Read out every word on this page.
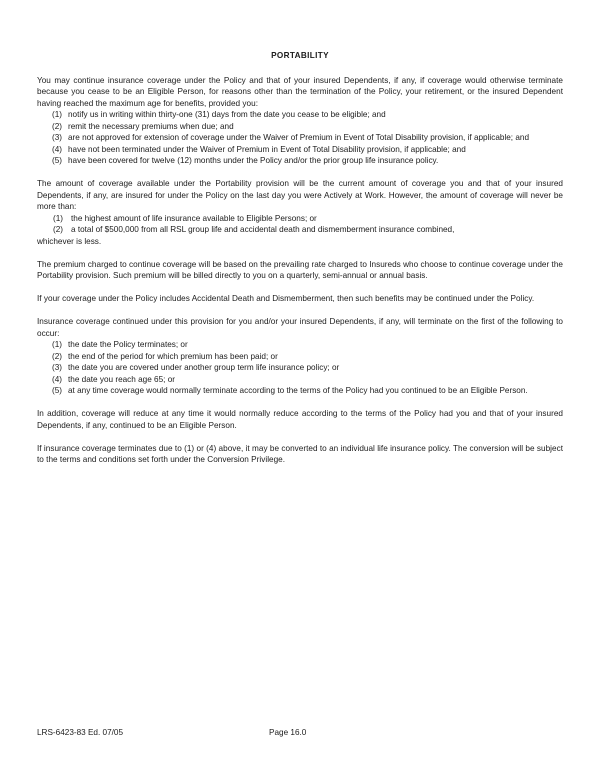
PORTABILITY

You may continue insurance coverage under the Policy and that of your insured Dependents, if any, if coverage would otherwise terminate because you cease to be an Eligible Person, for reasons other than the termination of the Policy, your retirement, or the insured Dependent having reached the maximum age for benefits, provided you:

(1) notify us in writing within thirty-one (31) days from the date you cease to be eligible; and
(2) remit the necessary premiums when due; and
(3) are not approved for extension of coverage under the Waiver of Premium in Event of Total Disability provision, if applicable; and
(4) have not been terminated under the Waiver of Premium in Event of Total Disability provision, if applicable; and
(5) have been covered for twelve (12) months under the Policy and/or the prior group life insurance policy.

The amount of coverage available under the Portability provision will be the current amount of coverage you and that of your insured Dependents, if any, are insured for under the Policy on the last day you were Actively at Work. However, the amount of coverage will never be more than:

(1) the highest amount of life insurance available to Eligible Persons; or
(2) a total of $500,000 from all RSL group life and accidental death and dismemberment insurance combined,

whichever is less.

The premium charged to continue coverage will be based on the prevailing rate charged to Insureds who choose to continue coverage under the Portability provision. Such premium will be billed directly to you on a quarterly, semi-annual or annual basis.

If your coverage under the Policy includes Accidental Death and Dismemberment, then such benefits may be continued under the Policy.

Insurance coverage continued under this provision for you and/or your insured Dependents, if any, will terminate on the first of the following to occur:

(1) the date the Policy terminates; or
(2) the end of the period for which premium has been paid; or
(3) the date you are covered under another group term life insurance policy; or
(4) the date you reach age 65; or
(5) at any time coverage would normally terminate according to the terms of the Policy had you continued to be an Eligible Person.

In addition, coverage will reduce at any time it would normally reduce according to the terms of the Policy had you and that of your insured Dependents, if any, continued to be an Eligible Person.

If insurance coverage terminates due to (1) or (4) above, it may be converted to an individual life insurance policy. The conversion will be subject to the terms and conditions set forth under the Conversion Privilege.

LRS-6423-83 Ed. 07/05	Page 16.0
